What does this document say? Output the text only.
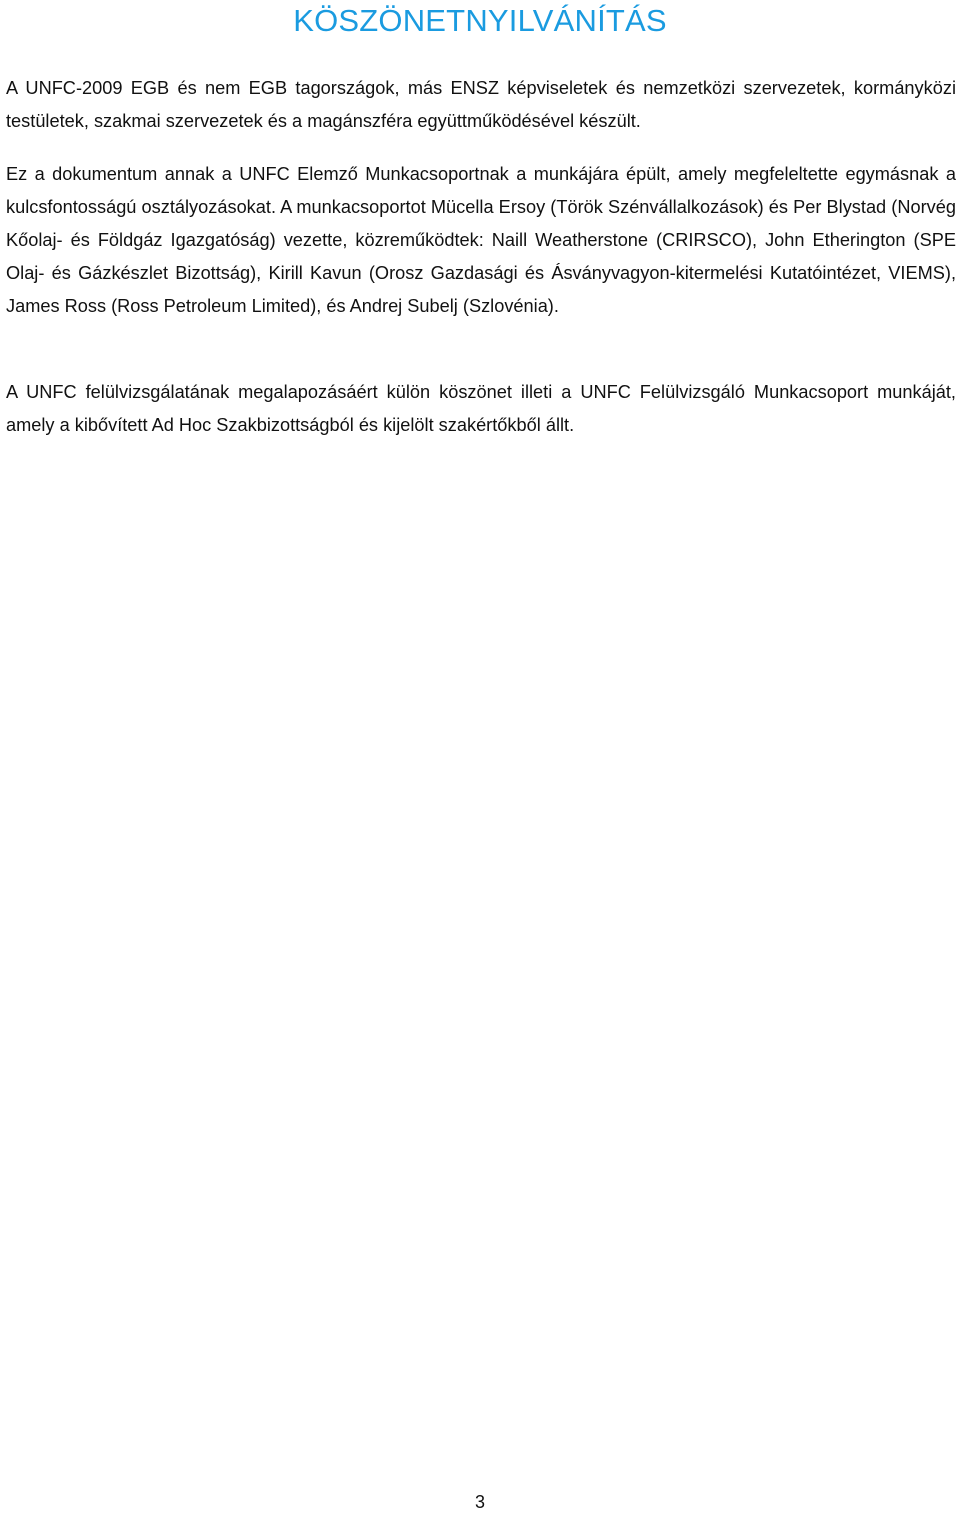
KÖSZÖNETNYILVÁNÍTÁS

A UNFC-2009 EGB és nem EGB tagországok, más ENSZ képviseletek és nemzetközi szervezetek, kormányközi testületek, szakmai szervezetek és a magánszféra együttműködésével készült.

Ez a dokumentum annak a UNFC Elemző Munkacsoportnak a munkájára épült, amely megfeleltette egymásnak a kulcsfontosságú osztályozásokat. A munkacsoportot Mücella Ersoy (Török Szénvállalkozások) és Per Blystad (Norvég Kőolaj- és Földgáz Igazgatóság) vezette, közreműködtek: Naill Weatherstone (CRIRSCO), John Etherington (SPE Olaj- és Gázkészlet Bizottság), Kirill Kavun (Orosz Gazdasági és Ásványvagyon-kitermelési Kutatóintézet, VIEMS), James Ross (Ross Petroleum Limited), és Andrej Subelj (Szlovénia).

A UNFC felülvizsgálatának megalapozásáért külön köszönet illeti a UNFC Felülvizsgáló Munkacsoport munkáját, amely a kibővített Ad Hoc Szakbizottságból és kijelölt szakértőkből állt.

3
